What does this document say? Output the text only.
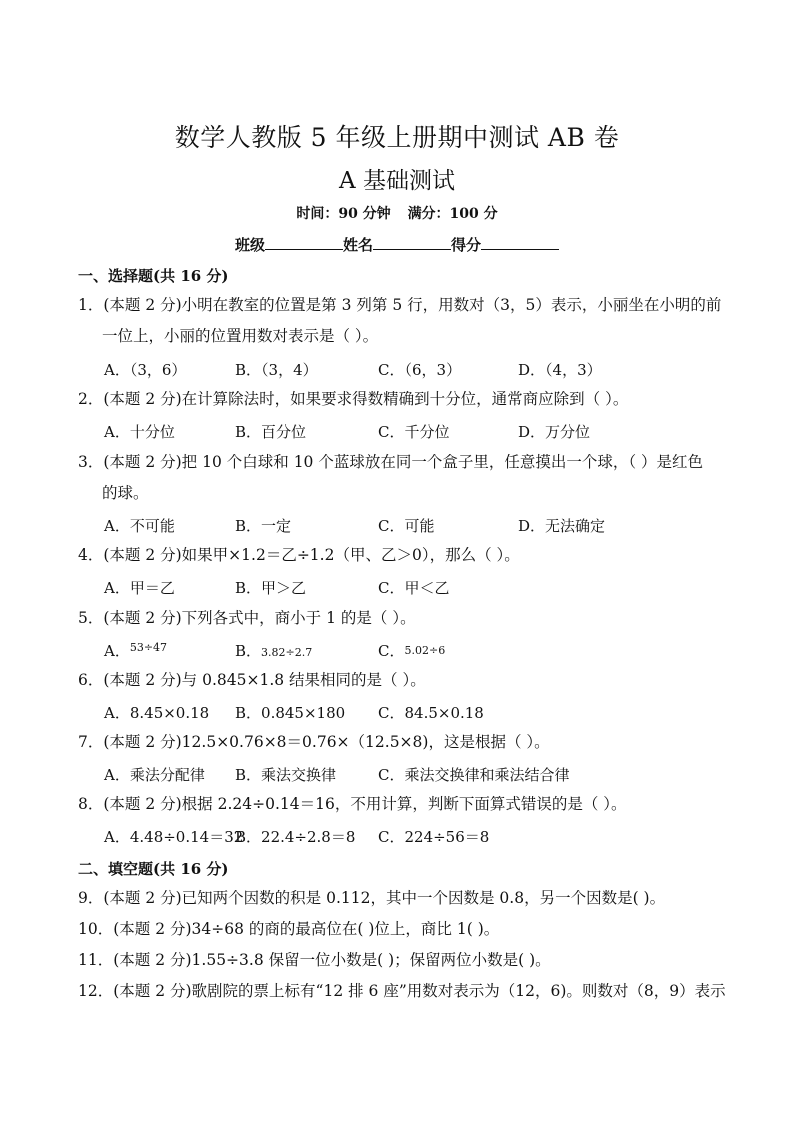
数学人教版 5 年级上册期中测试 AB 卷
A 基础测试
时间：90 分钟 满分：100 分
班级	姓名	得分
一、选择题(共 16 分)
1．(本题 2 分)小明在教室的位置是第 3 列第 5 行，用数对（3，5）表示，小丽坐在小明的前
一位上，小丽的位置用数对表示是（ ）。
A．（3，6）	B．（3，4）	C．（6，3）	D．（4，3）
2．(本题 2 分)在计算除法时，如果要求得数精确到十分位，通常商应除到（ ）。
A．十分位	B．百分位	C．千分位	D．万分位
3．(本题 2 分)把 10 个白球和 10 个蓝球放在同一个盒子里，任意摸出一个球，（ ）是红色
的球。
A．不可能	B．一定	C．可能	D．无法确定
4．(本题 2 分)如果甲×1.2＝乙÷1.2（甲、乙＞0），那么（ ）。
A．甲＝乙	B．甲＞乙	C．甲＜乙
5．(本题 2 分)下列各式中，商小于 1 的是（ ）。
A．$^{53\div 47}$	B．3.82÷2.7	C．5.02÷6
6．(本题 2 分)与 0.845×1.8 结果相同的是（ ）。
A．8.45×0.18 B．0.845×180 C．84.5×0.18
7．(本题 2 分)12.5×0.76×8＝0.76×（12.5×8)，这是根据（ ）。
A．乘法分配律 B．乘法交换律	C．乘法交换律和乘法结合律
8．(本题 2 分)根据 2.24÷0.14＝16，不用计算，判断下面算式错误的是（ ）。
A．4.48÷0.14＝32
B．22.4÷2.8＝8 C．224÷56＝8
二、填空题(共 16 分)
9．(本题 2 分)已知两个因数的积是 0.112，其中一个因数是 0.8，另一个因数是( )。
10．(本题 2 分)34÷68 的商的最高位在( )位上，商比 1( )。
11．(本题 2 分)1.55÷3.8 保留一位小数是( )；保留两位小数是( )。
12．(本题 2 分)歌剧院的票上标有“12 排 6 座”用数对表示为（12，6)。则数对（8，9）表示
